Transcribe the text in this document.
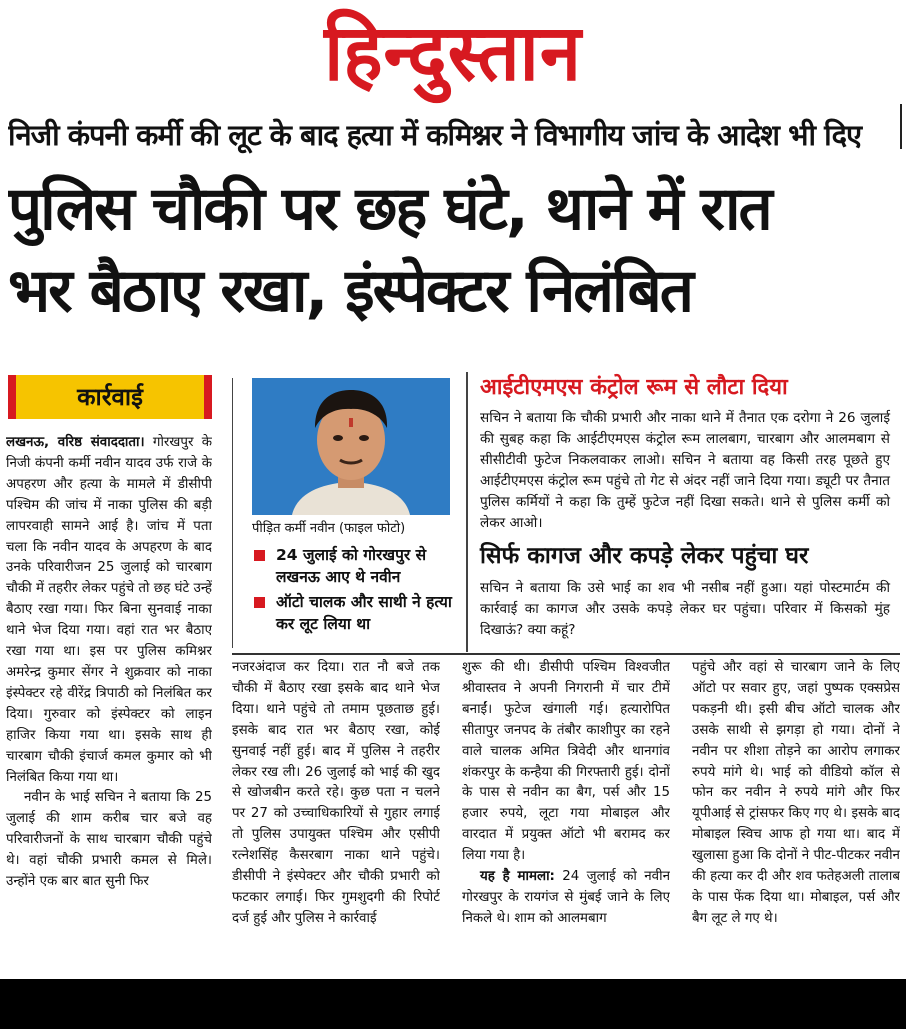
हिन्दुस्तान
निजी कंपनी कर्मी की लूट के बाद हत्या में कमिश्नर ने विभागीय जांच के आदेश भी दिए
पुलिस चौकी पर छह घंटे, थाने में रात
भर बैठाए रखा, इंस्पेक्टर निलंबित
कार्रवाई

लखनऊ, वरिष्ठ संवाददाता। गोरखपुर के निजी कंपनी कर्मी नवीन यादव उर्फ राजे के अपहरण और हत्या के मामले में डीसीपी पश्चिम की जांच में नाका पुलिस की बड़ी लापरवाही सामने आई है। जांच में पता चला कि नवीन यादव के अपहरण के बाद उनके परिवारीजन 25 जुलाई को चारबाग चौकी में तहरीर लेकर पहुंचे तो छह घंटे उन्हें बैठाए रखा गया। फिर बिना सुनवाई नाका थाने भेज दिया गया। वहां रात भर बैठाए रखा गया था। इस पर पुलिस कमिश्नर अमरेन्द्र कुमार सेंगर ने शुक्रवार को नाका इंस्पेक्टर रहे वीरेंद्र त्रिपाठी को निलंबित कर दिया। गुरुवार को इंस्पेक्टर को लाइन हाजिर किया गया था। इसके साथ ही चारबाग चौकी इंचार्ज कमल कुमार को भी निलंबित किया गया था।

नवीन के भाई सचिन ने बताया कि 25 जुलाई की शाम करीब चार बजे वह परिवारीजनों के साथ चारबाग चौकी पहुंचे थे। वहां चौकी प्रभारी कमल से मिले। उन्होंने एक बार बात सुनी फिर

पीड़ित कर्मी नवीन (फाइल फोटो)
24 जुलाई को गोरखपुर से लखनऊ आए थे नवीन
ऑटो चालक और साथी ने हत्या कर लूट लिया था
आईटीएमएस कंट्रोल रूम से लौटा दिया
सचिन ने बताया कि चौकी प्रभारी और नाका थाने में तैनात एक दरोगा ने 26 जुलाई की सुबह कहा कि आईटीएमएस कंट्रोल रूम लालबाग, चारबाग और आलमबाग से सीसीटीवी फुटेज निकलवाकर लाओ। सचिन ने बताया वह किसी तरह पूछते हुए आईटीएमएस कंट्रोल रूम पहुंचे तो गेट से अंदर नहीं जाने दिया गया। ड्यूटी पर तैनात पुलिस कर्मियों ने कहा कि तुम्हें फुटेज नहीं दिखा सकते। थाने से पुलिस कर्मी को लेकर आओ।
सिर्फ कागज और कपड़े लेकर पहुंचा घर
सचिन ने बताया कि उसे भाई का शव भी नसीब नहीं हुआ। यहां पोस्टमार्टम की कार्रवाई का कागज और उसके कपड़े लेकर घर पहुंचा। परिवार में किसको मुंह दिखाऊं? क्या कहूं?

नजरअंदाज कर दिया। रात नौ बजे तक चौकी में बैठाए रखा इसके बाद थाने भेज दिया। थाने पहुंचे तो तमाम पूछताछ हुई। इसके बाद रात भर बैठाए रखा, कोई सुनवाई नहीं हुई। बाद में पुलिस ने तहरीर लेकर रख ली। 26 जुलाई को भाई की खुद से खोजबीन करते रहे। कुछ पता न चलने पर 27 को उच्चाधिकारियों से गुहार लगाई तो पुलिस उपायुक्त पश्चिम और एसीपी रत्नेशसिंह कैसरबाग नाका थाने पहुंचे। डीसीपी ने इंस्पेक्टर और चौकी प्रभारी को फटकार लगाई। फिर गुमशुदगी की रिपोर्ट दर्ज हुई और पुलिस ने कार्रवाई

शुरू की थी। डीसीपी पश्चिम विश्वजीत श्रीवास्तव ने अपनी निगरानी में चार टीमें बनाईं। फुटेज खंगाली गई। हत्यारोपित सीतापुर जनपद के तंबौर काशीपुर का रहने वाले चालक अमित त्रिवेदी और थानगांव शंकरपुर के कन्हैया की गिरफ्तारी हुई। दोनों के पास से नवीन का बैग, पर्स और 15 हजार रुपये, लूटा गया मोबाइल और वारदात में प्रयुक्त ऑटो भी बरामद कर लिया गया है।

यह है मामला: 24 जुलाई को नवीन गोरखपुर के रायगंज से मुंबई जाने के लिए निकले थे। शाम को आलमबाग

पहुंचे और वहां से चारबाग जाने के लिए ऑटो पर सवार हुए, जहां पुष्पक एक्सप्रेस पकड़नी थी। इसी बीच ऑटो चालक और उसके साथी से झगड़ा हो गया। दोनों ने नवीन पर शीशा तोड़ने का आरोप लगाकर रुपये मांगे थे। भाई को वीडियो कॉल से फोन कर नवीन ने रुपये मांगे और फिर यूपीआई से ट्रांसफर किए गए थे। इसके बाद मोबाइल स्विच आफ हो गया था। बाद में खुलासा हुआ कि दोनों ने पीट-पीटकर नवीन की हत्या कर दी और शव फतेहअली तालाब के पास फेंक दिया था। मोबाइल, पर्स और बैग लूट ले गए थे।
